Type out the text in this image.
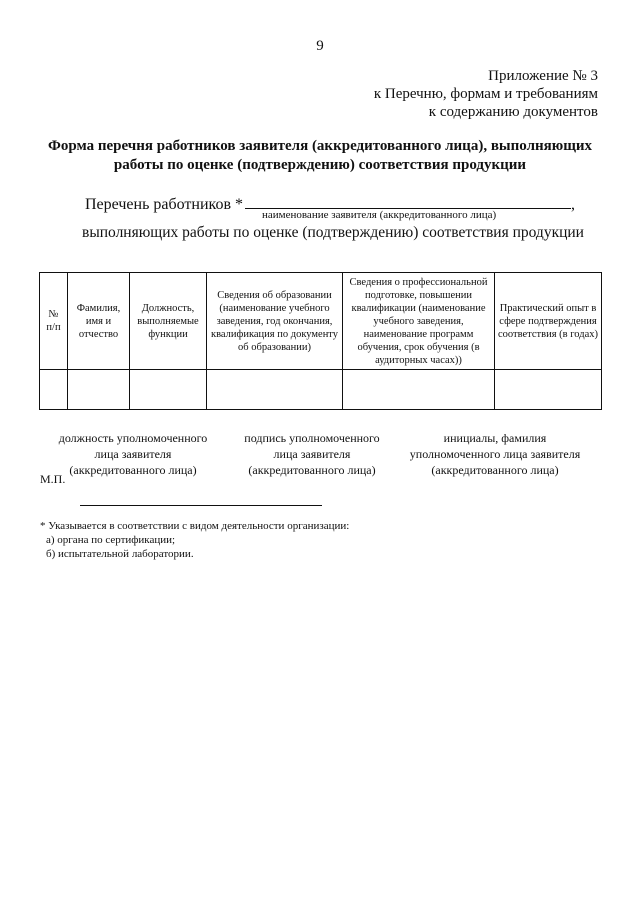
9
Приложение № 3
к Перечню, формам и требованиям
к содержанию документов
Форма перечня работников заявителя (аккредитованного лица), выполняющих
работы по оценке (подтверждению) соответствия продукции
Перечень работников *	,
наименование заявителя (аккредитованного лица)
выполняющих работы по оценке (подтверждению) соответствия продукции
№ п/п	Фамилия, имя и отчество	Должность, выполняемые функции	Сведения об образовании (наименование учебного заведения, год окончания, квалификация по документу об образовании)	Сведения о профессиональной подготовке, повышении квалификации (наименование учебного заведения, наименование программ обучения, срок обучения (в аудиторных часах))	Практический опыт в сфере подтверждения соответствия (в годах)

должность уполномоченного
лица заявителя
(аккредитованного лица)
подпись уполномоченного
лица заявителя
(аккредитованного лица)
инициалы, фамилия
уполномоченного лица заявителя
(аккредитованного лица)
М.П.
* Указывается в соответствии с видом деятельности организации:
а) органа по сертификации;
б) испытательной лаборатории.
